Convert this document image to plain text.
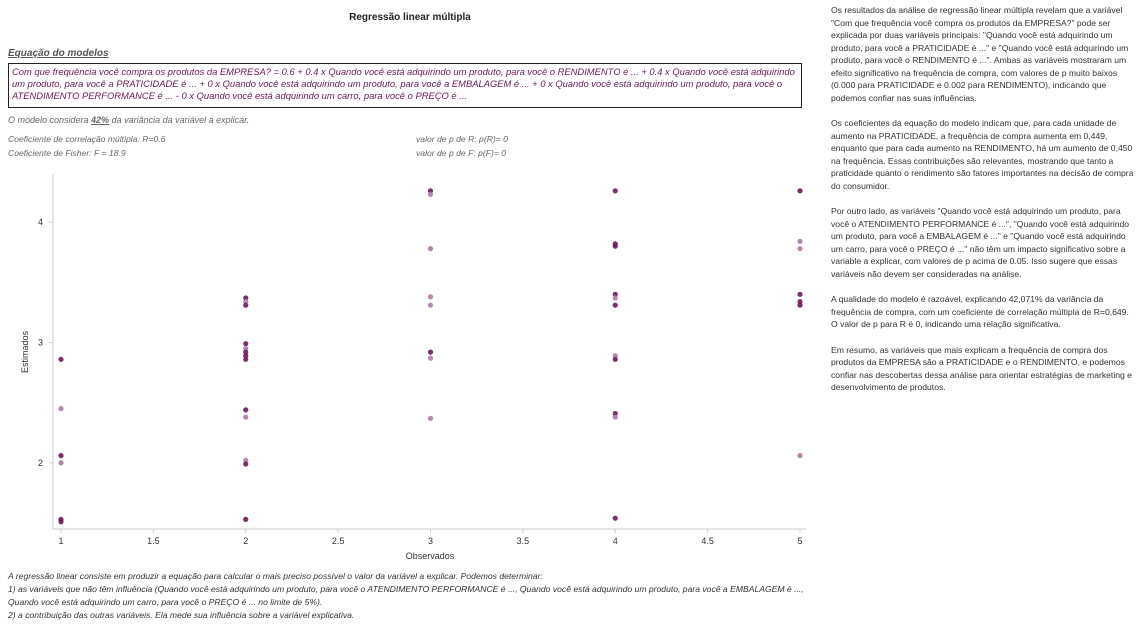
Regressão linear múltipla
Equação do modelos
Com que frequência você compra os produtos da EMPRESA? = 0.6 + 0.4 x Quando você está adquirindo um produto, para você o RENDIMENTO é ... + 0.4 x Quando você está adquirindo um produto, para você a PRATICIDADE é ... + 0 x Quando você está adquirindo um produto, para você a EMBALAGEM é ... + 0 x Quando você está adquirindo um produto, para você o ATENDIMENTO PERFORMANCE é ... - 0 x Quando você está adquirindo um carro, para você o PREÇO é ...
O modelo considera 42% da variância da variável a explicar.
Coeficiente de correlação múltipla: R=0.6
Coeficiente de Fisher: F = 18.9
valor de p de R: p(R)= 0
valor de p de F: p(F)= 0
1	1.5	2	2.5	3	3.5	4	4.5	5
2
3
4
Observados
Estimados
A regressão linear consiste em produzir a equação para calcular o mais preciso possível o valor da variável a explicar. Podemos determinar:
1) as variáveis que não têm influência (Quando você está adquirindo um produto, para você o ATENDIMENTO PERFORMANCE é ..., Quando você está adquirindo um produto, para você a EMBALAGEM é ..., Quando você está adquirindo um carro, para você o PREÇO é ... no limite de 5%).
2) a contribuição das outras variáveis. Ela mede sua influência sobre a variável explicativa.

Os resultados da análise de regressão linear múltipla revelam que a variável "Com que frequência você compra os produtos da EMPRESA?" pode ser explicada por duas variáveis principais: "Quando você está adquirindo um produto, para você a PRATICIDADE é ..." e "Quando você está adquirindo um produto, para você o RENDIMENTO é ...". Ambas as variáveis mostraram um efeito significativo na frequência de compra, com valores de p muito baixos (0.000 para PRATICIDADE e 0.002 para RENDIMENTO), indicando que podemos confiar nas suas influências.

Os coeficientes da equação do modelo indicam que, para cada unidade de aumento na PRATICIDADE, a frequência de compra aumenta em 0,449, enquanto que para cada aumento na RENDIMENTO, há um aumento de 0,450 na frequência. Essas contribuições são relevantes, mostrando que tanto a praticidade quanto o rendimento são fatores importantes na decisão de compra do consumidor.

Por outro lado, as variáveis "Quando você está adquirindo um produto, para você o ATENDIMENTO PERFORMANCE é ...", "Quando você está adquirindo um produto, para você a EMBALAGEM é ..." e "Quando você está adquirindo um carro, para você o PREÇO é ..." não têm um impacto significativo sobre a variable a explicar, com valores de p acima de 0.05. Isso sugere que essas variáveis não devem ser consideradas na análise.

A qualidade do modelo é razoável, explicando 42,071% da variância da frequência de compra, com um coeficiente de correlação múltipla de R=0,649. O valor de p para R é 0, indicando uma relação significativa.

Em resumo, as variáveis que mais explicam a frequência de compra dos produtos da EMPRESA são a PRATICIDADE e o RENDIMENTO, e podemos confiar nas descobertas dessa análise para orientar estratégias de marketing e desenvolvimento de produtos.
